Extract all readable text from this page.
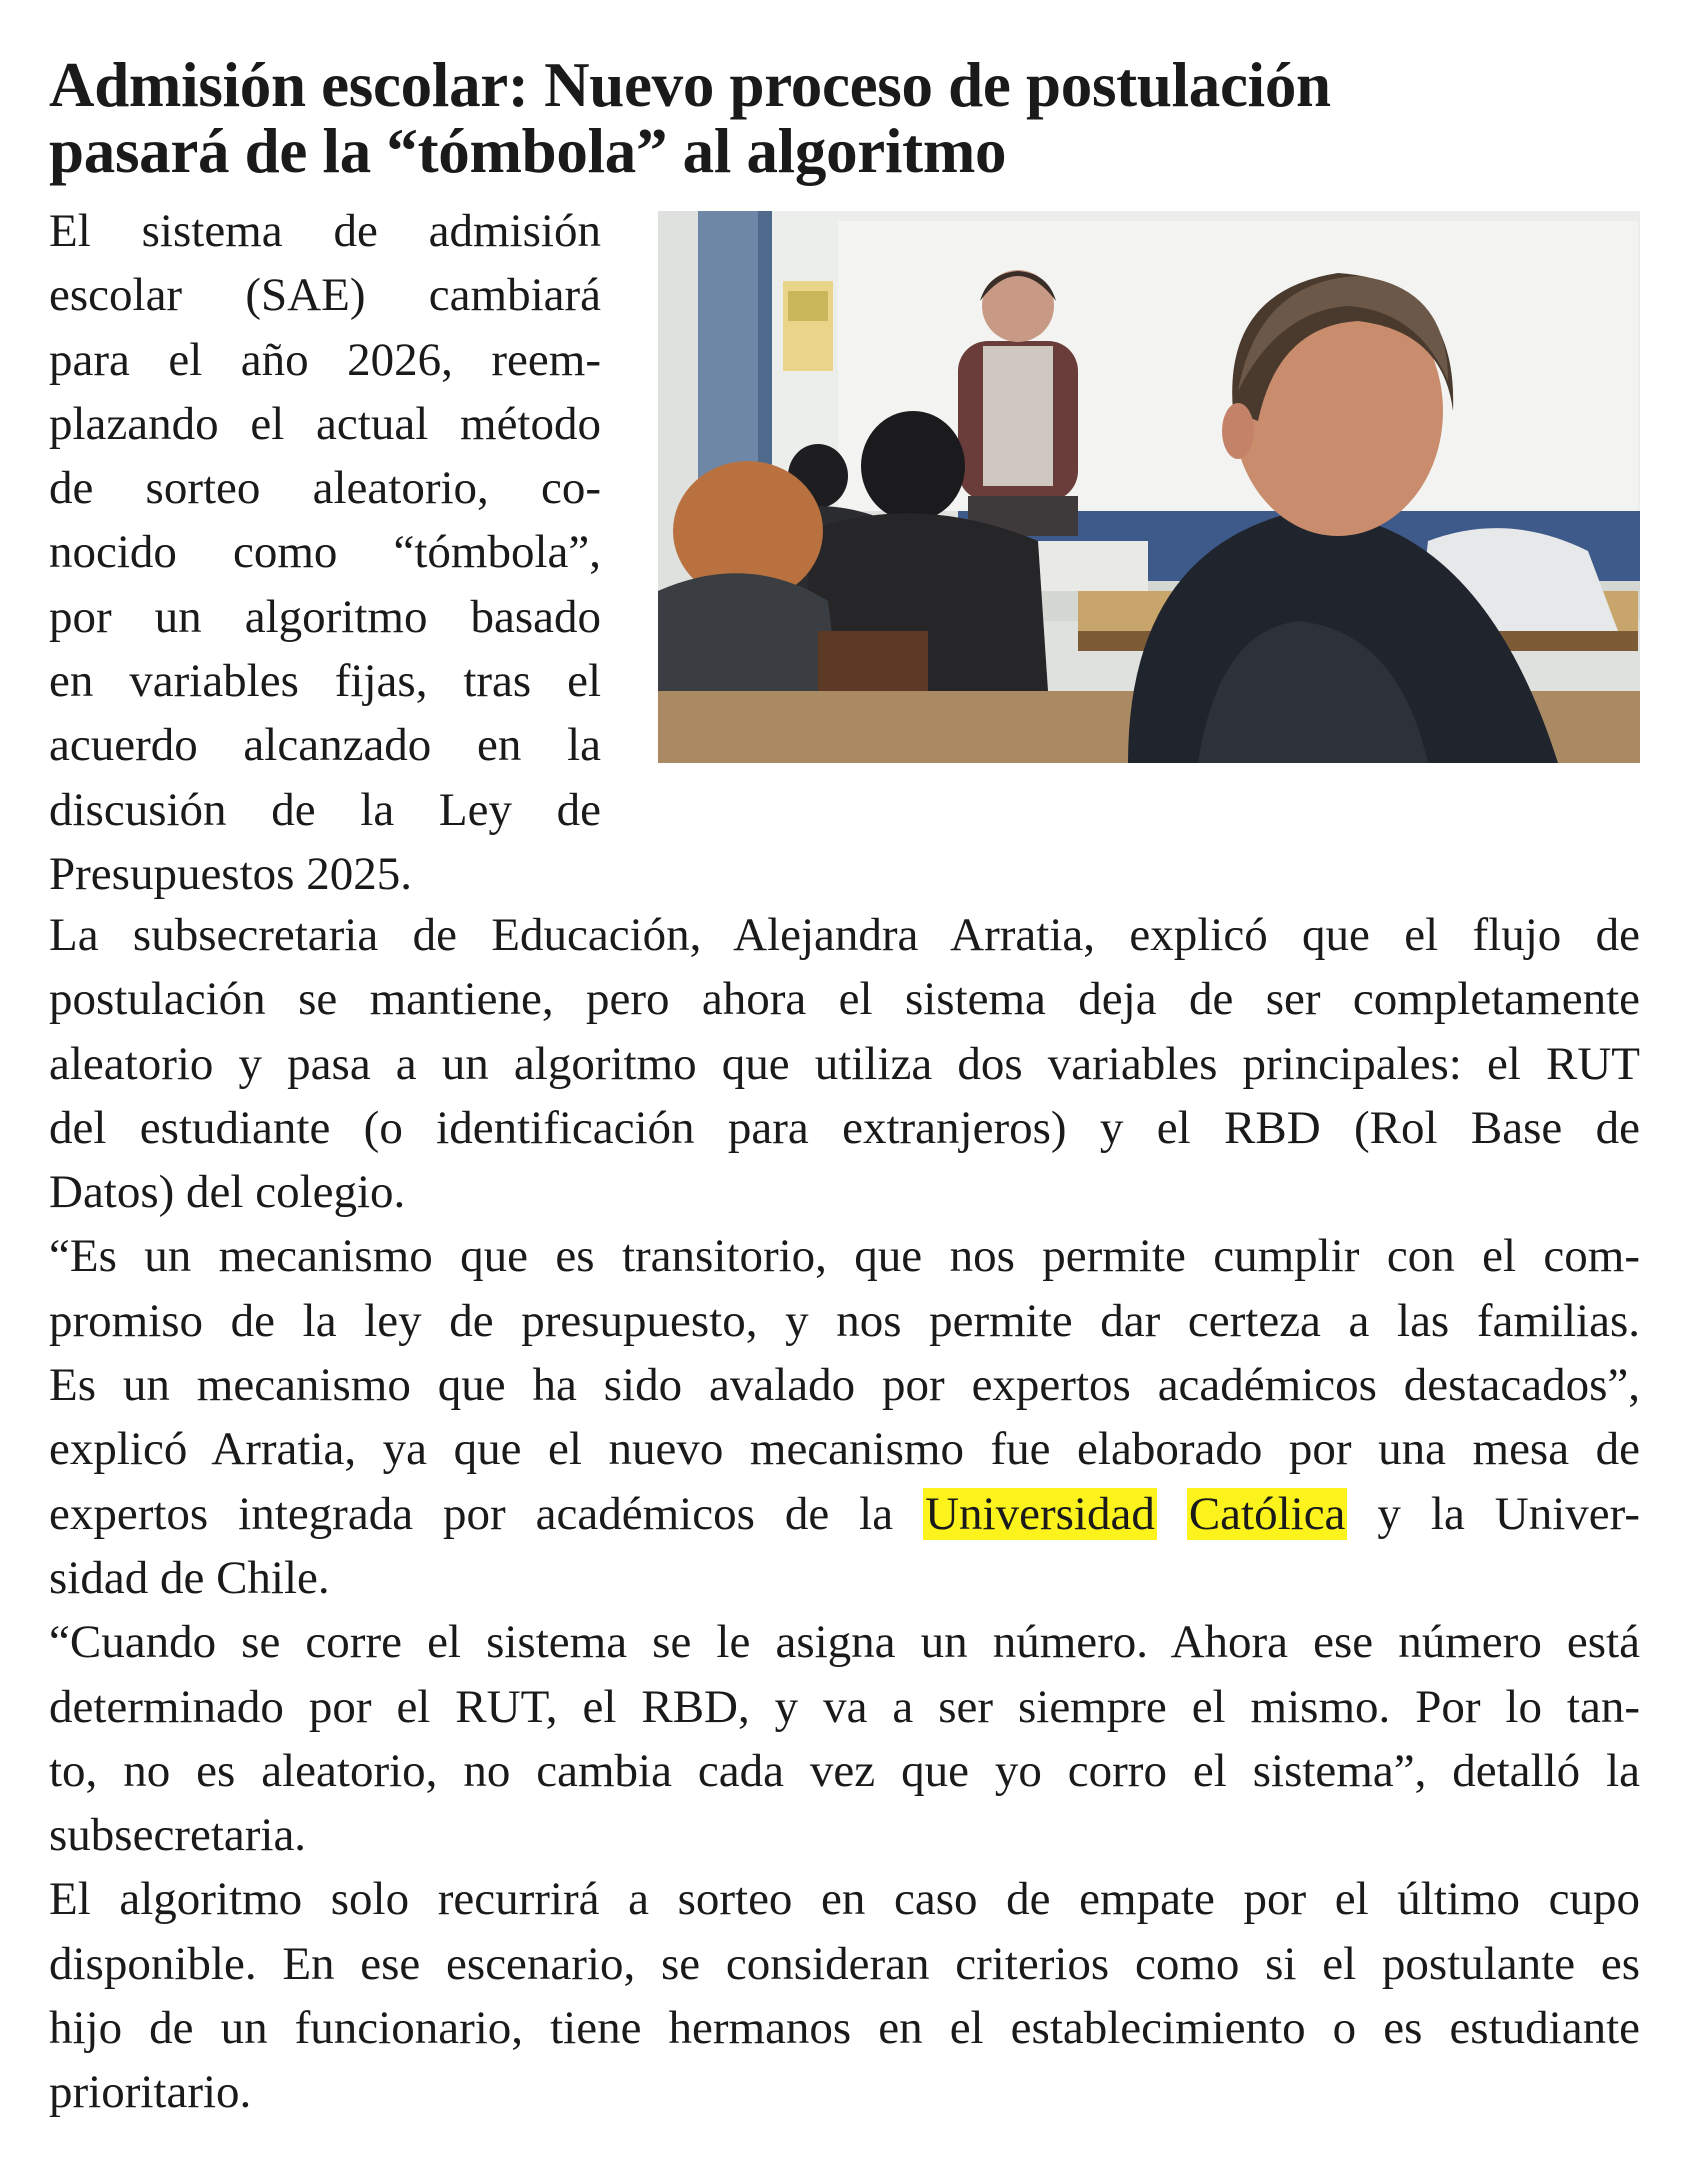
Admisión escolar: Nuevo proceso de postulación
pasará de la “tómbola” al algoritmo
El sistema de admisión
escolar (SAE) cambiará
para el año 2026, reem-
plazando el actual método
de sorteo aleatorio, co-
nocido como “tómbola”,
por un algoritmo basado
en variables fijas, tras el
acuerdo alcanzado en la
discusión de la Ley de
Presupuestos 2025.

La subsecretaria de Educación, Alejandra Arratia, explicó que el flujo de
postulación se mantiene, pero ahora el sistema deja de ser completamente
aleatorio y pasa a un algoritmo que utiliza dos variables principales: el RUT
del estudiante (o identificación para extranjeros) y el RBD (Rol Base de
Datos) del colegio.

“Es un mecanismo que es transitorio, que nos permite cumplir con el com-
promiso de la ley de presupuesto, y nos permite dar certeza a las familias.
Es un mecanismo que ha sido avalado por expertos académicos destacados”,
explicó Arratia, ya que el nuevo mecanismo fue elaborado por una mesa de
expertos integrada por académicos de la Universidad Católica y la Univer-
sidad de Chile.

“Cuando se corre el sistema se le asigna un número. Ahora ese número está
determinado por el RUT, el RBD, y va a ser siempre el mismo. Por lo tan-
to, no es aleatorio, no cambia cada vez que yo corro el sistema”, detalló la
subsecretaria.

El algoritmo solo recurrirá a sorteo en caso de empate por el último cupo
disponible. En ese escenario, se consideran criterios como si el postulante es
hijo de un funcionario, tiene hermanos en el establecimiento o es estudiante
prioritario.
